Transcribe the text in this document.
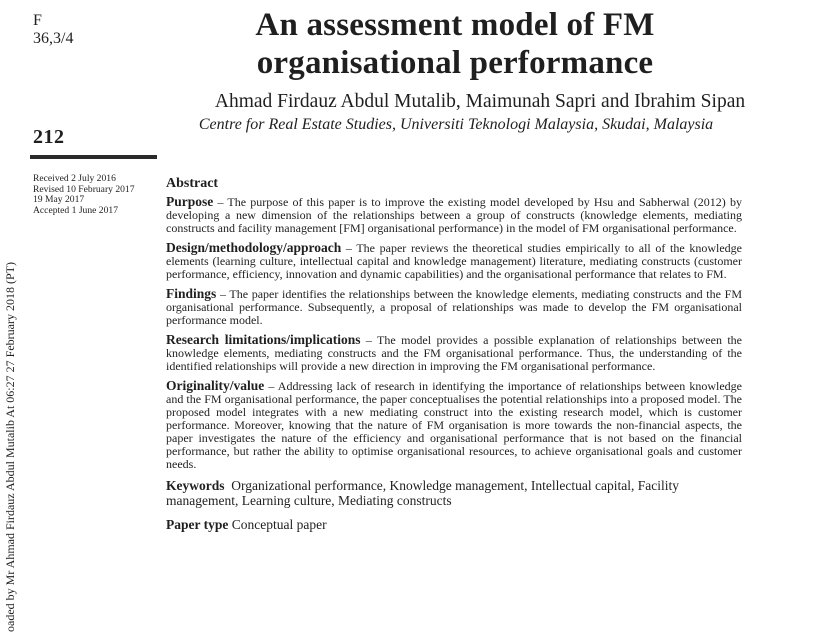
F
36,3/4
212
Received 2 July 2016
Revised 10 February 2017
19 May 2017
Accepted 1 June 2017
oaded by Mr Ahmad Firdauz Abdul Mutalib At 06:27 27 February 2018 (PT)
An assessment model of FM organisational performance
Ahmad Firdauz Abdul Mutalib, Maimunah Sapri and Ibrahim Sipan
Centre for Real Estate Studies, Universiti Teknologi Malaysia, Skudai, Malaysia
Abstract
Purpose – The purpose of this paper is to improve the existing model developed by Hsu and Sabherwal (2012) by developing a new dimension of the relationships between a group of constructs (knowledge elements, mediating constructs and facility management [FM] organisational performance) in the model of FM organisational performance.
Design/methodology/approach – The paper reviews the theoretical studies empirically to all of the knowledge elements (learning culture, intellectual capital and knowledge management) literature, mediating constructs (customer performance, efficiency, innovation and dynamic capabilities) and the organisational performance that relates to FM.
Findings – The paper identifies the relationships between the knowledge elements, mediating constructs and the FM organisational performance. Subsequently, a proposal of relationships was made to develop the FM organisational performance model.
Research limitations/implications – The model provides a possible explanation of relationships between the knowledge elements, mediating constructs and the FM organisational performance. Thus, the understanding of the identified relationships will provide a new direction in improving the FM organisational performance.
Originality/value – Addressing lack of research in identifying the importance of relationships between knowledge and the FM organisational performance, the paper conceptualises the potential relationships into a proposed model. The proposed model integrates with a new mediating construct into the existing research model, which is customer performance. Moreover, knowing that the nature of FM organisation is more towards the non-financial aspects, the paper investigates the nature of the efficiency and organisational performance that is not based on the financial performance, but rather the ability to optimise organisational resources, to achieve organisational goals and customer needs.
Keywords Organizational performance, Knowledge management, Intellectual capital, Facility management, Learning culture, Mediating constructs
Paper type Conceptual paper
